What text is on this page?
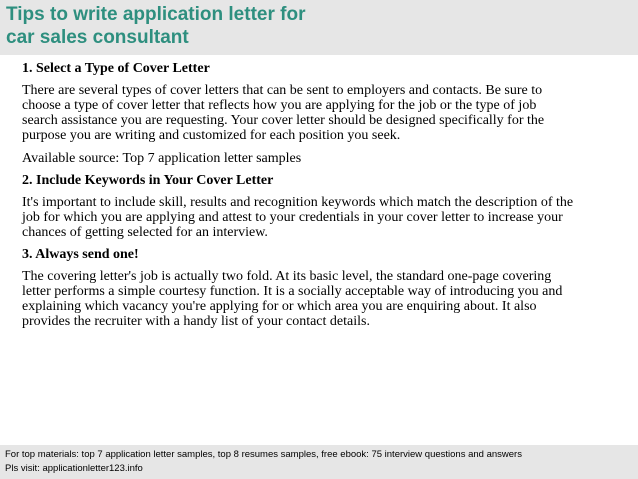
Tips to write application letter for
car sales consultant
1. Select a Type of Cover Letter
There are several types of cover letters that can be sent to employers and contacts. Be sure to
choose a type of cover letter that reflects how you are applying for the job or the type of job
search assistance you are requesting. Your cover letter should be designed specifically for the
purpose you are writing and customized for each position you seek.
Available source: Top 7 application letter samples
2. Include Keywords in Your Cover Letter
It's important to include skill, results and recognition keywords which match the description of the
job for which you are applying and attest to your credentials in your cover letter to increase your
chances of getting selected for an interview.
3. Always send one!
The covering letter's job is actually two fold. At its basic level, the standard one-page covering
letter performs a simple courtesy function. It is a socially acceptable way of introducing you and
explaining which vacancy you're applying for or which area you are enquiring about. It also
provides the recruiter with a handy list of your contact details.
For top materials: top 7 application letter samples, top 8 resumes samples, free ebook: 75 interview questions and answers
Pls visit: applicationletter123.info
